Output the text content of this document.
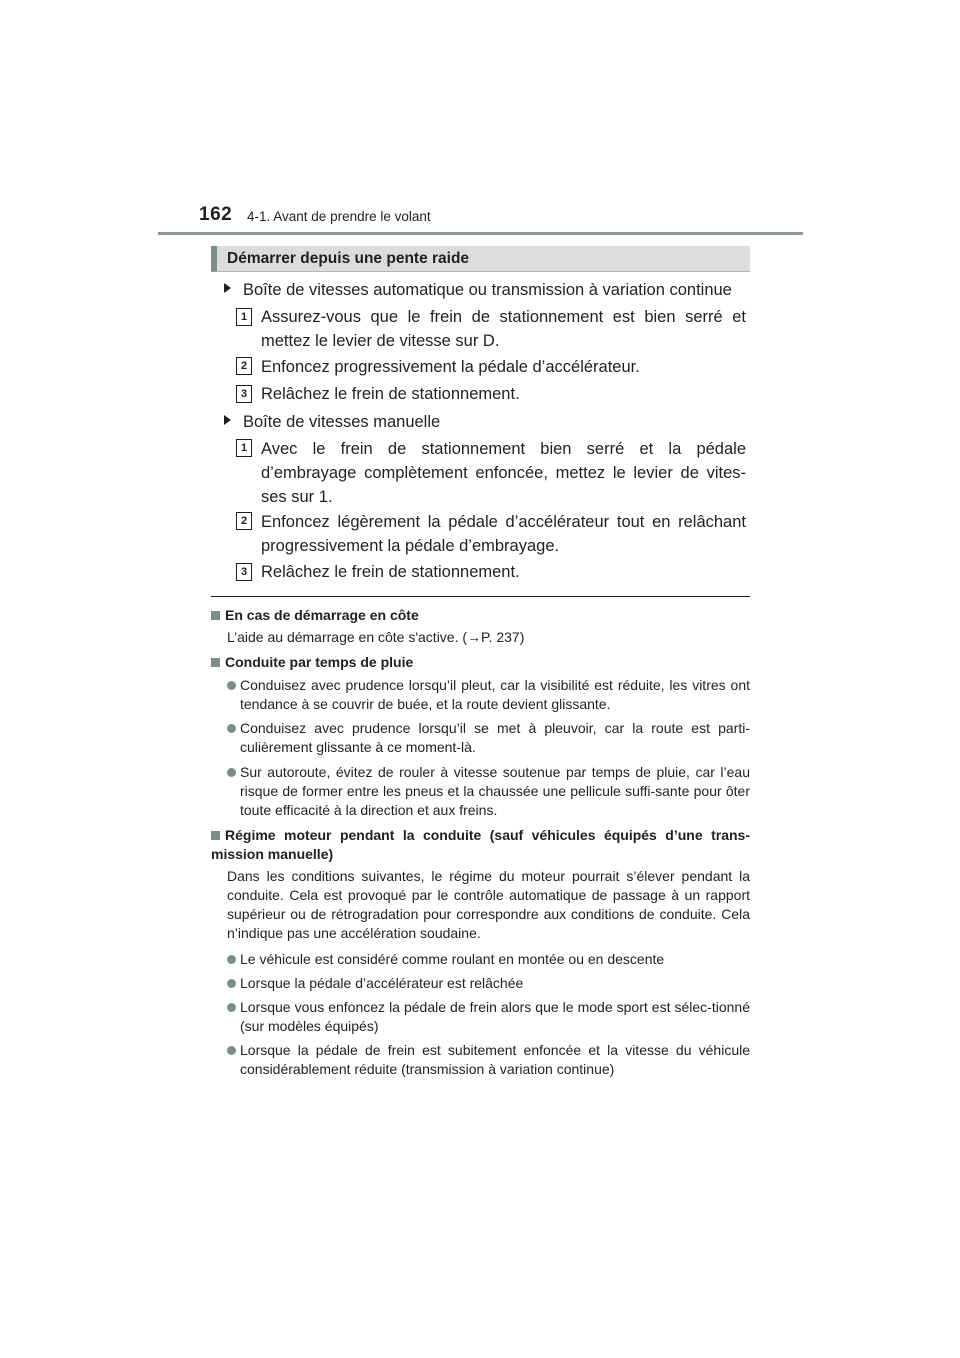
162 4-1. Avant de prendre le volant
Démarrer depuis une pente raide
Boîte de vitesses automatique ou transmission à variation continue
1 Assurez-vous que le frein de stationnement est bien serré et mettez le levier de vitesse sur D.
2 Enfoncez progressivement la pédale d’accélérateur.
3 Relâchez le frein de stationnement.
Boîte de vitesses manuelle
1 Avec le frein de stationnement bien serré et la pédale d’embrayage complètement enfoncée, mettez le levier de vites-ses sur 1.
2 Enfoncez légèrement la pédale d’accélérateur tout en relâchant progressivement la pédale d’embrayage.
3 Relâchez le frein de stationnement.
En cas de démarrage en côte
L’aide au démarrage en côte s'active. (→P. 237)
Conduite par temps de pluie
Conduisez avec prudence lorsqu’il pleut, car la visibilité est réduite, les vitres ont tendance à se couvrir de buée, et la route devient glissante.
Conduisez avec prudence lorsqu’il se met à pleuvoir, car la route est parti-culièrement glissante à ce moment-là.
Sur autoroute, évitez de rouler à vitesse soutenue par temps de pluie, car l’eau risque de former entre les pneus et la chaussée une pellicule suffi-sante pour ôter toute efficacité à la direction et aux freins.
Régime moteur pendant la conduite (sauf véhicules équipés d’une trans-mission manuelle)
Dans les conditions suivantes, le régime du moteur pourrait s’élever pendant la conduite. Cela est provoqué par le contrôle automatique de passage à un rapport supérieur ou de rétrogradation pour correspondre aux conditions de conduite. Cela n’indique pas une accélération soudaine.
Le véhicule est considéré comme roulant en montée ou en descente
Lorsque la pédale d’accélérateur est relâchée
Lorsque vous enfoncez la pédale de frein alors que le mode sport est sélec-tionné (sur modèles équipés)
Lorsque la pédale de frein est subitement enfoncée et la vitesse du véhicule considérablement réduite (transmission à variation continue)
